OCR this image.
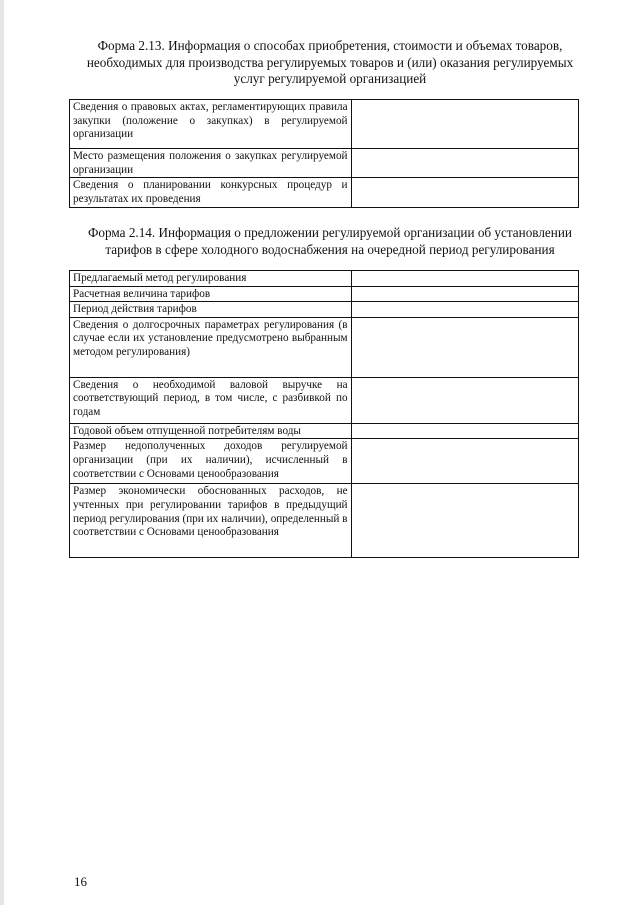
Форма 2.13. Информация о способах приобретения, стоимости и объемах товаров,
необходимых для производства регулируемых товаров и (или) оказания регулируемых
услуг регулируемой организацией
Сведения о правовых актах, регламентирующих правила закупки (положение о закупках) в регулируемой организации	
Место размещения положения о закупках регулируемой организации	
Сведения о планировании конкурсных процедур и результатах их проведения	
Форма 2.14. Информация о предложении регулируемой организации об установлении
тарифов в сфере холодного водоснабжения на очередной период регулирования
Предлагаемый метод регулирования	
Расчетная величина тарифов	
Период действия тарифов	
Сведения о долгосрочных параметрах регулирования (в случае если их установление предусмотрено выбранным методом регулирования)	
Сведения о необходимой валовой выручке на соответствующий период, в том числе, с разбивкой по годам	
Годовой объем отпущенной потребителям воды	
Размер недополученных доходов регулируемой организации (при их наличии), исчисленный в соответствии с Основами ценообразования	
Размер экономически обоснованных расходов, не учтенных при регулировании тарифов в предыдущий период регулирования (при их наличии), определенный в соответствии с Основами ценообразования	
16
